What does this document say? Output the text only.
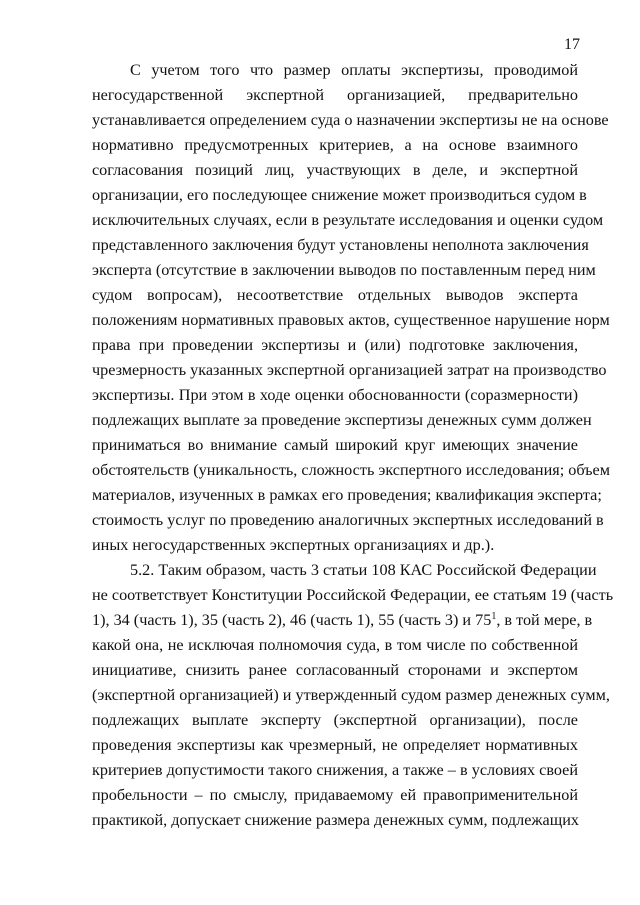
17
С учетом того что размер оплаты экспертизы, проводимой
негосударственной экспертной организацией, предварительно
устанавливается определением суда о назначении экспертизы не на основе
нормативно предусмотренных критериев, а на основе взаимного
согласования позиций лиц, участвующих в деле, и экспертной
организации, его последующее снижение может производиться судом в
исключительных случаях, если в результате исследования и оценки судом
представленного заключения будут установлены неполнота заключения
эксперта (отсутствие в заключении выводов по поставленным перед ним
судом вопросам), несоответствие отдельных выводов эксперта
положениям нормативных правовых актов, существенное нарушение норм
права при проведении экспертизы и (или) подготовке заключения,
чрезмерность указанных экспертной организацией затрат на производство
экспертизы. При этом в ходе оценки обоснованности (соразмерности)
подлежащих выплате за проведение экспертизы денежных сумм должен
приниматься во внимание самый широкий круг имеющих значение
обстоятельств (уникальность, сложность экспертного исследования; объем
материалов, изученных в рамках его проведения; квалификация эксперта;
стоимость услуг по проведению аналогичных экспертных исследований в
иных негосударственных экспертных организациях и др.).
5.2. Таким образом, часть 3 статьи 108 КАС Российской Федерации
не соответствует Конституции Российской Федерации, ее статьям 19 (часть
1), 34 (часть 1), 35 (часть 2), 46 (часть 1), 55 (часть 3) и $75^1$, в той мере, в
какой она, не исключая полномочия суда, в том числе по собственной
инициативе, снизить ранее согласованный сторонами и экспертом
(экспертной организацией) и утвержденный судом размер денежных сумм,
подлежащих выплате эксперту (экспертной организации), после
проведения экспертизы как чрезмерный, не определяет нормативных
критериев допустимости такого снижения, а также – в условиях своей
пробельности – по смыслу, придаваемому ей правоприменительной
практикой, допускает снижение размера денежных сумм, подлежащих
